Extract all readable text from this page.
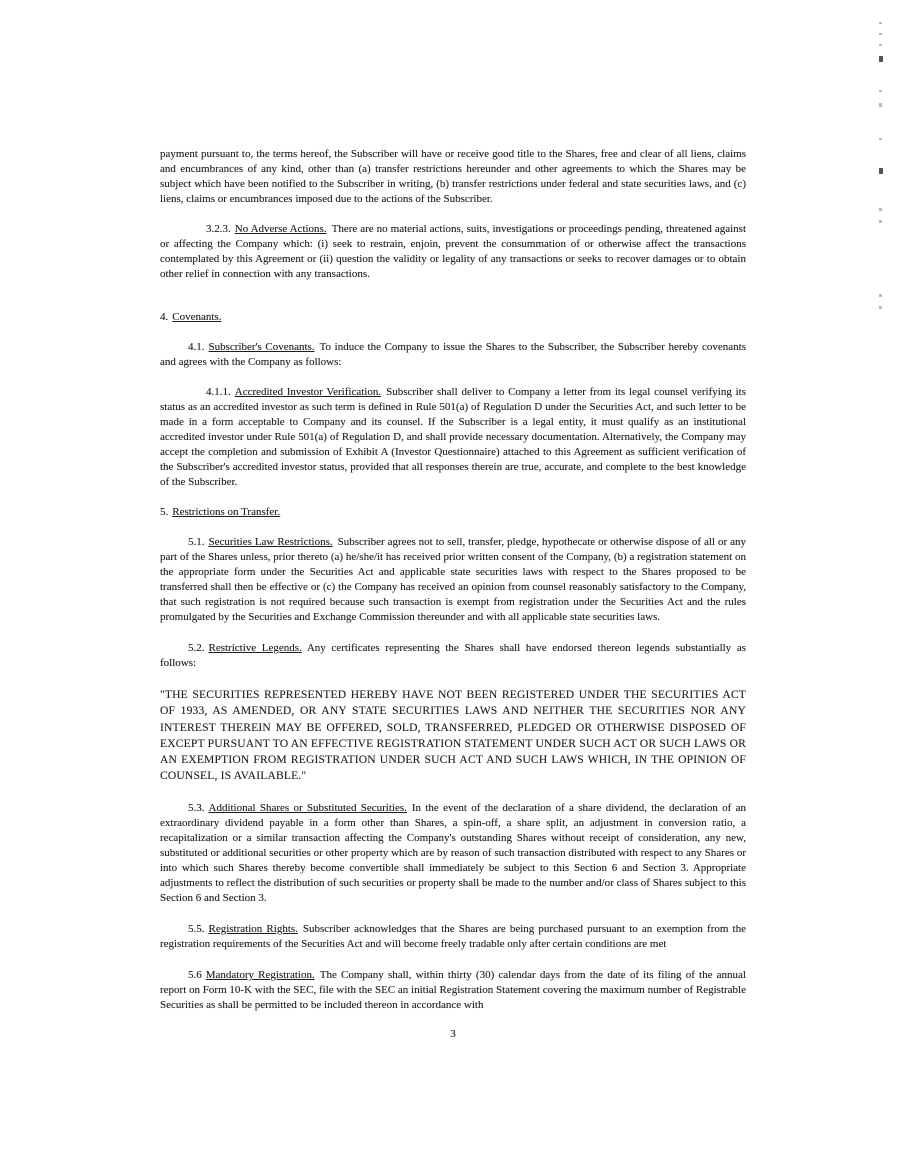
payment pursuant to, the terms hereof, the Subscriber will have or receive good title to the Shares, free and clear of all liens, claims and encumbrances of any kind, other than (a) transfer restrictions hereunder and other agreements to which the Shares may be subject which have been notified to the Subscriber in writing, (b) transfer restrictions under federal and state securities laws, and (c) liens, claims or encumbrances imposed due to the actions of the Subscriber.

3.2.3. No Adverse Actions. There are no material actions, suits, investigations or proceedings pending, threatened against or affecting the Company which: (i) seek to restrain, enjoin, prevent the consummation of or otherwise affect the transactions contemplated by this Agreement or (ii) question the validity or legality of any transactions or seeks to recover damages or to obtain other relief in connection with any transactions.

4. Covenants.

4.1. Subscriber's Covenants. To induce the Company to issue the Shares to the Subscriber, the Subscriber hereby covenants and agrees with the Company as follows:

4.1.1. Accredited Investor Verification. Subscriber shall deliver to Company a letter from its legal counsel verifying its status as an accredited investor as such term is defined in Rule 501(a) of Regulation D under the Securities Act, and such letter to be made in a form acceptable to Company and its counsel. If the Subscriber is a legal entity, it must qualify as an institutional accredited investor under Rule 501(a) of Regulation D, and shall provide necessary documentation. Alternatively, the Company may accept the completion and submission of Exhibit A (Investor Questionnaire) attached to this Agreement as sufficient verification of the Subscriber's accredited investor status, provided that all responses therein are true, accurate, and complete to the best knowledge of the Subscriber.

5. Restrictions on Transfer.

5.1. Securities Law Restrictions. Subscriber agrees not to sell, transfer, pledge, hypothecate or otherwise dispose of all or any part of the Shares unless, prior thereto (a) he/she/it has received prior written consent of the Company, (b) a registration statement on the appropriate form under the Securities Act and applicable state securities laws with respect to the Shares proposed to be transferred shall then be effective or (c) the Company has received an opinion from counsel reasonably satisfactory to the Company, that such registration is not required because such transaction is exempt from registration under the Securities Act and the rules promulgated by the Securities and Exchange Commission thereunder and with all applicable state securities laws.

5.2. Restrictive Legends. Any certificates representing the Shares shall have endorsed thereon legends substantially as follows:

"THE SECURITIES REPRESENTED HEREBY HAVE NOT BEEN REGISTERED UNDER THE SECURITIES ACT OF 1933, AS AMENDED, OR ANY STATE SECURITIES LAWS AND NEITHER THE SECURITIES NOR ANY INTEREST THEREIN MAY BE OFFERED, SOLD, TRANSFERRED, PLEDGED OR OTHERWISE DISPOSED OF EXCEPT PURSUANT TO AN EFFECTIVE REGISTRATION STATEMENT UNDER SUCH ACT OR SUCH LAWS OR AN EXEMPTION FROM REGISTRATION UNDER SUCH ACT AND SUCH LAWS WHICH, IN THE OPINION OF COUNSEL, IS AVAILABLE."

5.3. Additional Shares or Substituted Securities. In the event of the declaration of a share dividend, the declaration of an extraordinary dividend payable in a form other than Shares, a spin-off, a share split, an adjustment in conversion ratio, a recapitalization or a similar transaction affecting the Company's outstanding Shares without receipt of consideration, any new, substituted or additional securities or other property which are by reason of such transaction distributed with respect to any Shares or into which such Shares thereby become convertible shall immediately be subject to this Section 6 and Section 3. Appropriate adjustments to reflect the distribution of such securities or property shall be made to the number and/or class of Shares subject to this Section 6 and Section 3.

5.5. Registration Rights. Subscriber acknowledges that the Shares are being purchased pursuant to an exemption from the registration requirements of the Securities Act and will become freely tradable only after certain conditions are met

5.6 Mandatory Registration. The Company shall, within thirty (30) calendar days from the date of its filing of the annual report on Form 10-K with the SEC, file with the SEC an initial Registration Statement covering the maximum number of Registrable Securities as shall be permitted to be included thereon in accordance with

3
